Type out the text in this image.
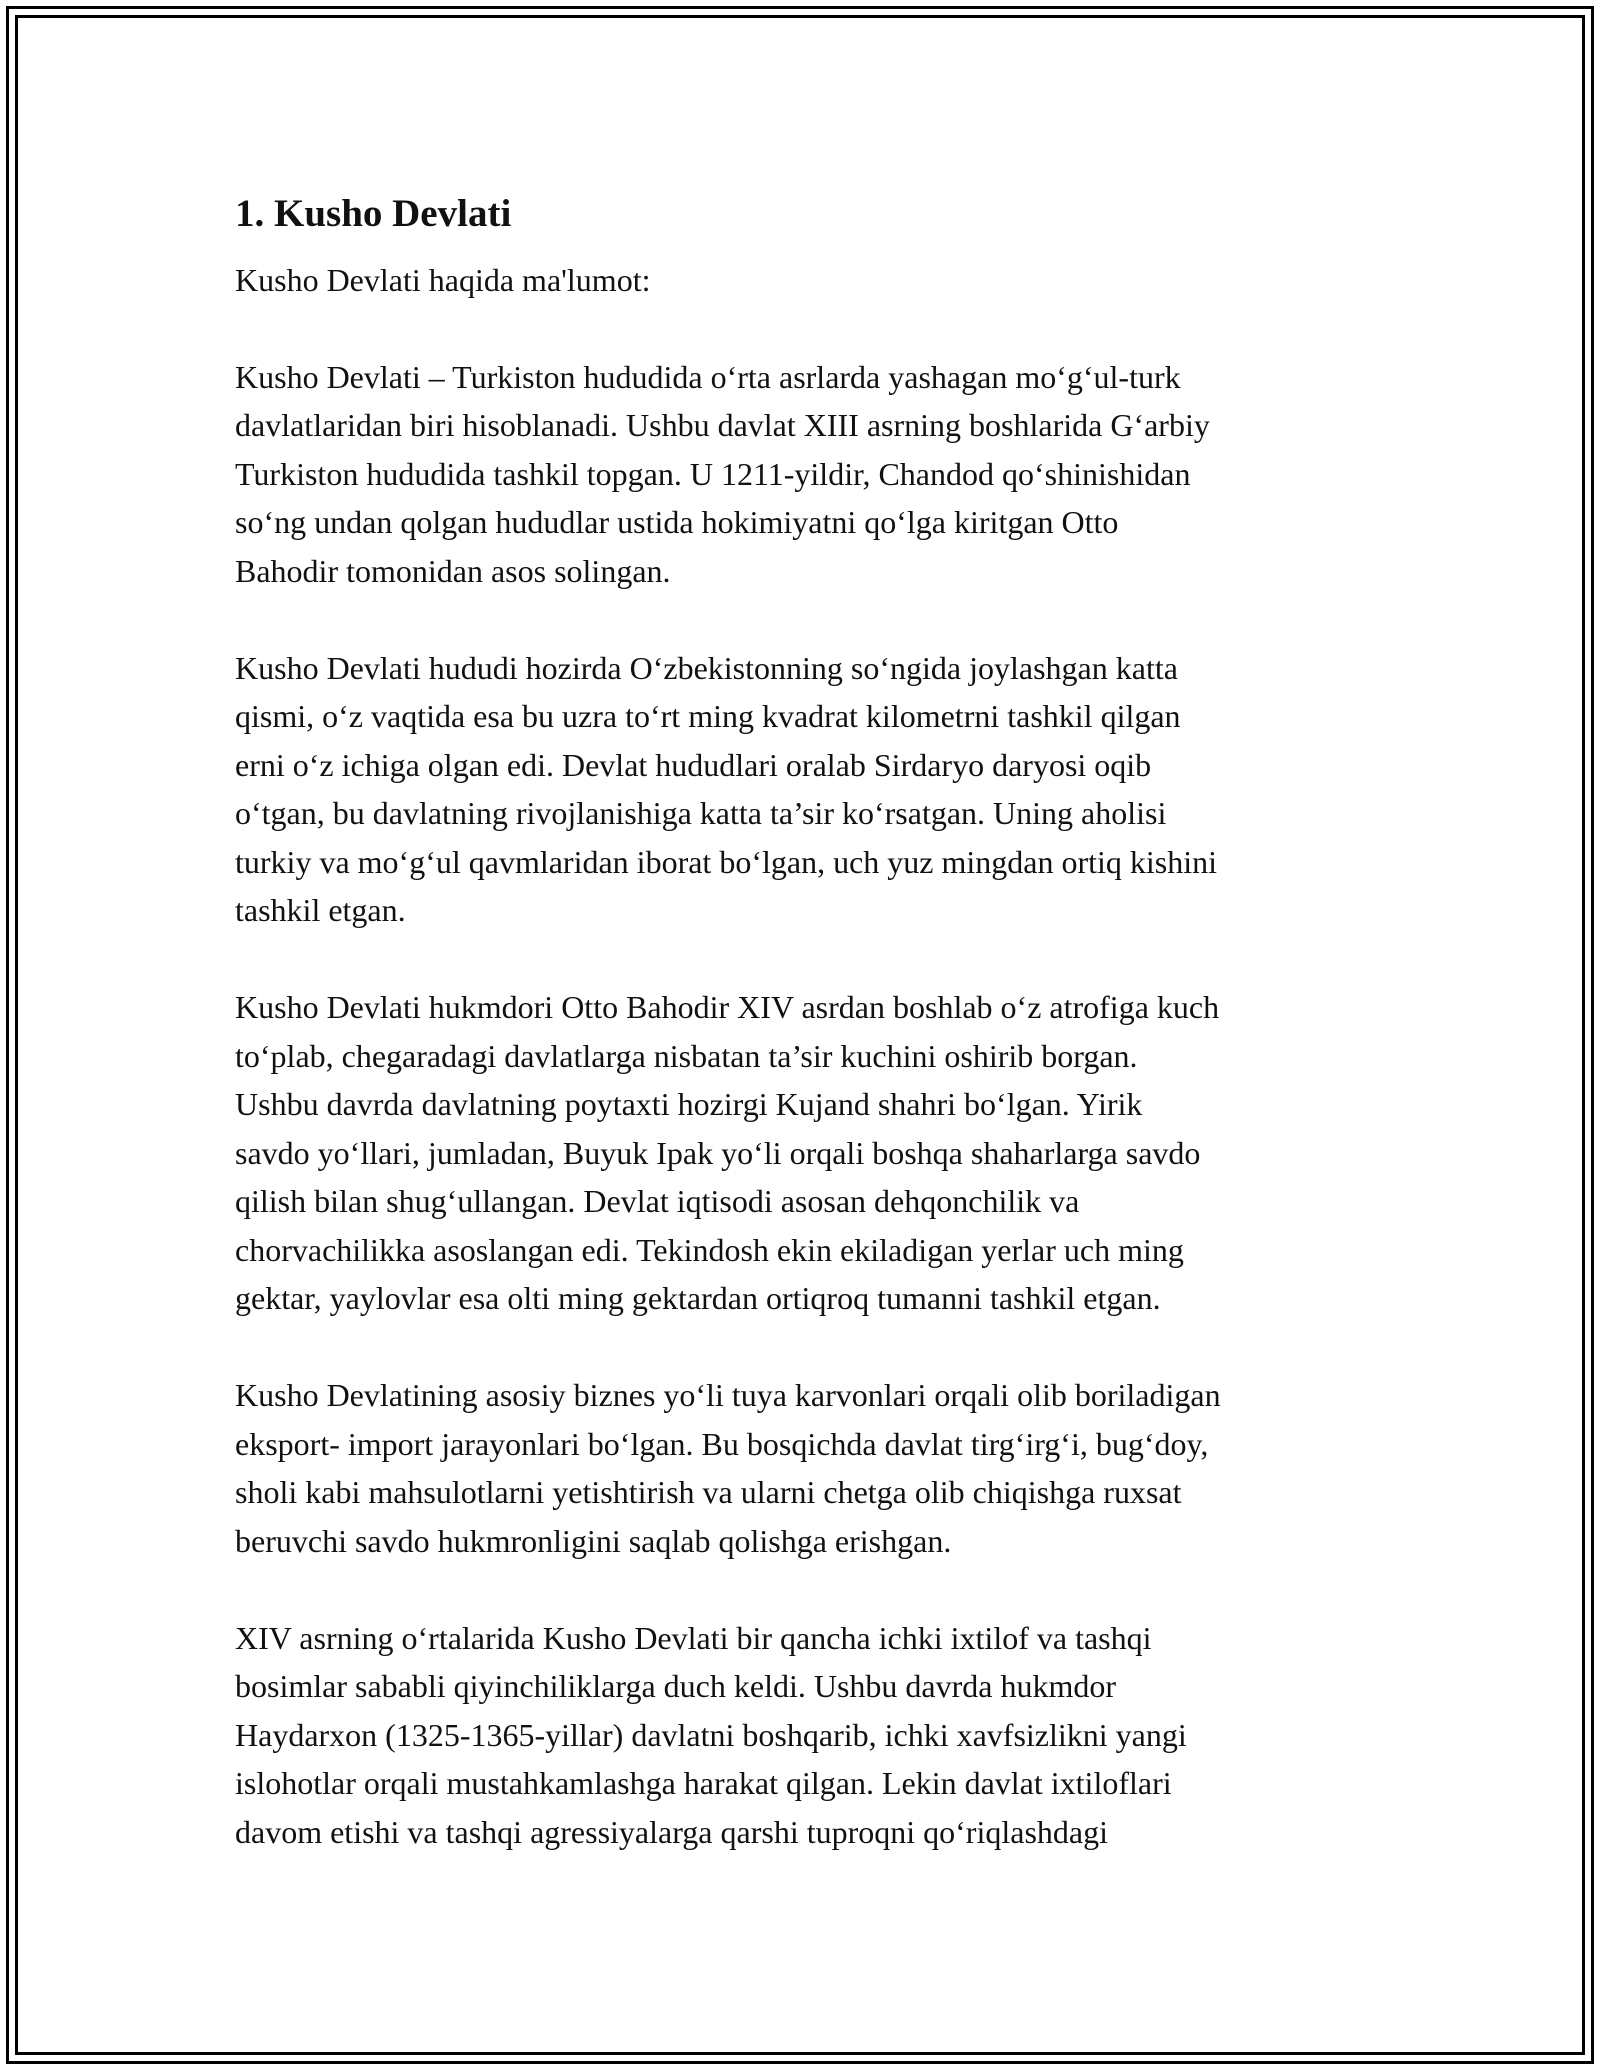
1. Kusho Devlati

Kusho Devlati haqida ma'lumot:

Kusho Devlati – Turkiston hududida oʻrta asrlarda yashagan moʻgʻul-turk
davlatlaridan biri hisoblanadi. Ushbu davlat XIII asrning boshlarida Gʻarbiy
Turkiston hududida tashkil topgan. U 1211-yildir, Chandod qoʻshinishidan
soʻng undan qolgan hududlar ustida hokimiyatni qoʻlga kiritgan Otto
Bahodir tomonidan asos solingan.

Kusho Devlati hududi hozirda Oʻzbekistonning soʻngida joylashgan katta
qismi, oʻz vaqtida esa bu uzra toʻrt ming kvadrat kilometrni tashkil qilgan
erni oʻz ichiga olgan edi. Devlat hududlari oralab Sirdaryo daryosi oqib
oʻtgan, bu davlatning rivojlanishiga katta ta’sir koʻrsatgan. Uning aholisi
turkiy va moʻgʻul qavmlaridan iborat boʻlgan, uch yuz mingdan ortiq kishini
tashkil etgan.

Kusho Devlati hukmdori Otto Bahodir XIV asrdan boshlab oʻz atrofiga kuch
toʻplab, chegaradagi davlatlarga nisbatan ta’sir kuchini oshirib borgan.
Ushbu davrda davlatning poytaxti hozirgi Kujand shahri boʻlgan. Yirik
savdo yoʻllari, jumladan, Buyuk Ipak yoʻli orqali boshqa shaharlarga savdo
qilish bilan shugʻullangan. Devlat iqtisodi asosan dehqonchilik va
chorvachilikka asoslangan edi. Tekindosh ekin ekiladigan yerlar uch ming
gektar, yaylovlar esa olti ming gektardan ortiqroq tumanni tashkil etgan.

Kusho Devlatining asosiy biznes yoʻli tuya karvonlari orqali olib boriladigan
eksport- import jarayonlari boʻlgan. Bu bosqichda davlat tirgʻirgʻi, bugʻdoy,
sholi kabi mahsulotlarni yetishtirish va ularni chetga olib chiqishga ruxsat
beruvchi savdo hukmronligini saqlab qolishga erishgan.

XIV asrning oʻrtalarida Kusho Devlati bir qancha ichki ixtilof va tashqi
bosimlar sababli qiyinchiliklarga duch keldi. Ushbu davrda hukmdor
Haydarxon (1325-1365-yillar) davlatni boshqarib, ichki xavfsizlikni yangi
islohotlar orqali mustahkamlashga harakat qilgan. Lekin davlat ixtiloflari
davom etishi va tashqi agressiyalarga qarshi tuproqni qoʻriqlashdagi
